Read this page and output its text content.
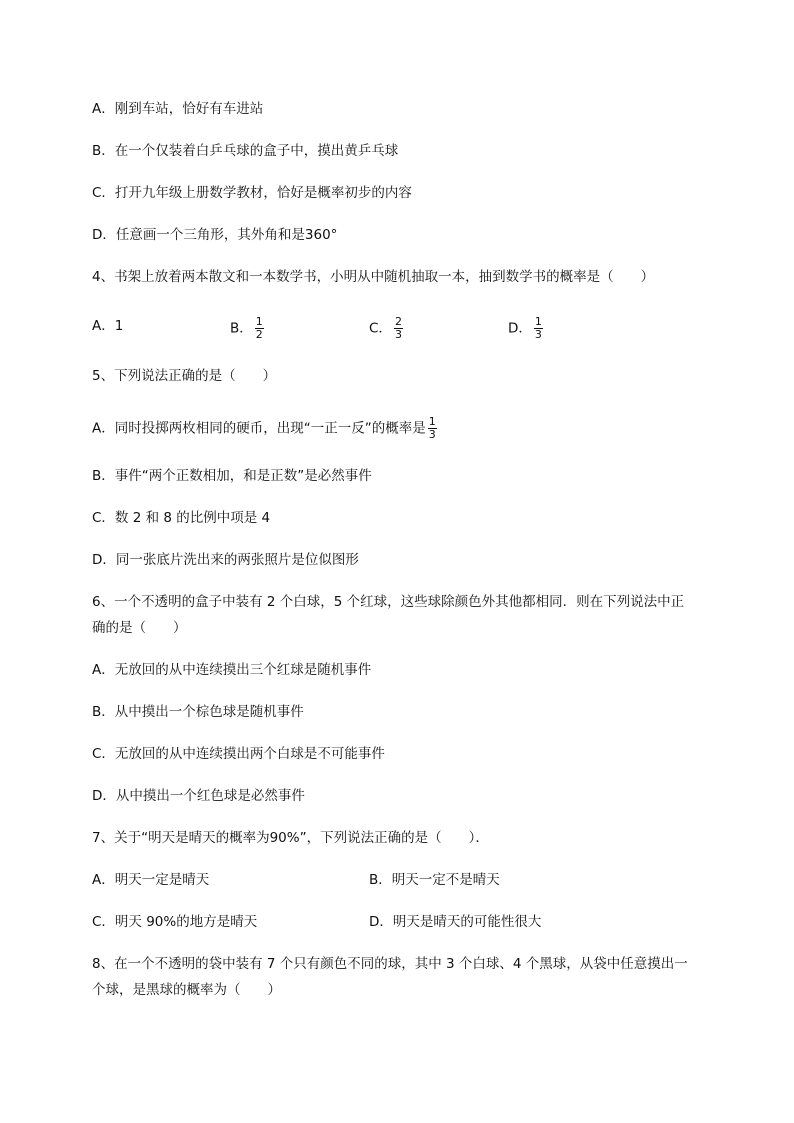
A．刚到车站，恰好有车进站
B．在一个仅装着白乒乓球的盒子中，摸出黄乒乓球
C．打开九年级上册数学教材，恰好是概率初步的内容
D．任意画一个三角形，其外角和是360°
4、书架上放着两本散文和一本数学书，小明从中随机抽取一本，抽到数学书的概率是（　　）
A．1	B． $\frac{1}{2}$	C． $\frac{2}{3}$	D． $\frac{1}{3}$
5、下列说法正确的是（　　）
A．同时投掷两枚相同的硬币，出现“一正一反”的概率是 $\frac{1}{3}$
B．事件“两个正数相加，和是正数”是必然事件
C．数 2 和 8 的比例中项是 4
D．同一张底片洗出来的两张照片是位似图形
6、一个不透明的盒子中装有 2 个白球，5 个红球，这些球除颜色外其他都相同．则在下列说法中正
确的是（　　）
A．无放回的从中连续摸出三个红球是随机事件
B．从中摸出一个棕色球是随机事件
C．无放回的从中连续摸出两个白球是不可能事件
D．从中摸出一个红色球是必然事件
7、关于“明天是晴天的概率为90%”，下列说法正确的是（　　）．
A．明天一定是晴天	B．明天一定不是晴天
C．明天 90%的地方是晴天	D．明天是晴天的可能性很大
8、在一个不透明的袋中装有 7 个只有颜色不同的球，其中 3 个白球、4 个黑球，从袋中任意摸出一
个球，是黑球的概率为（　　）
